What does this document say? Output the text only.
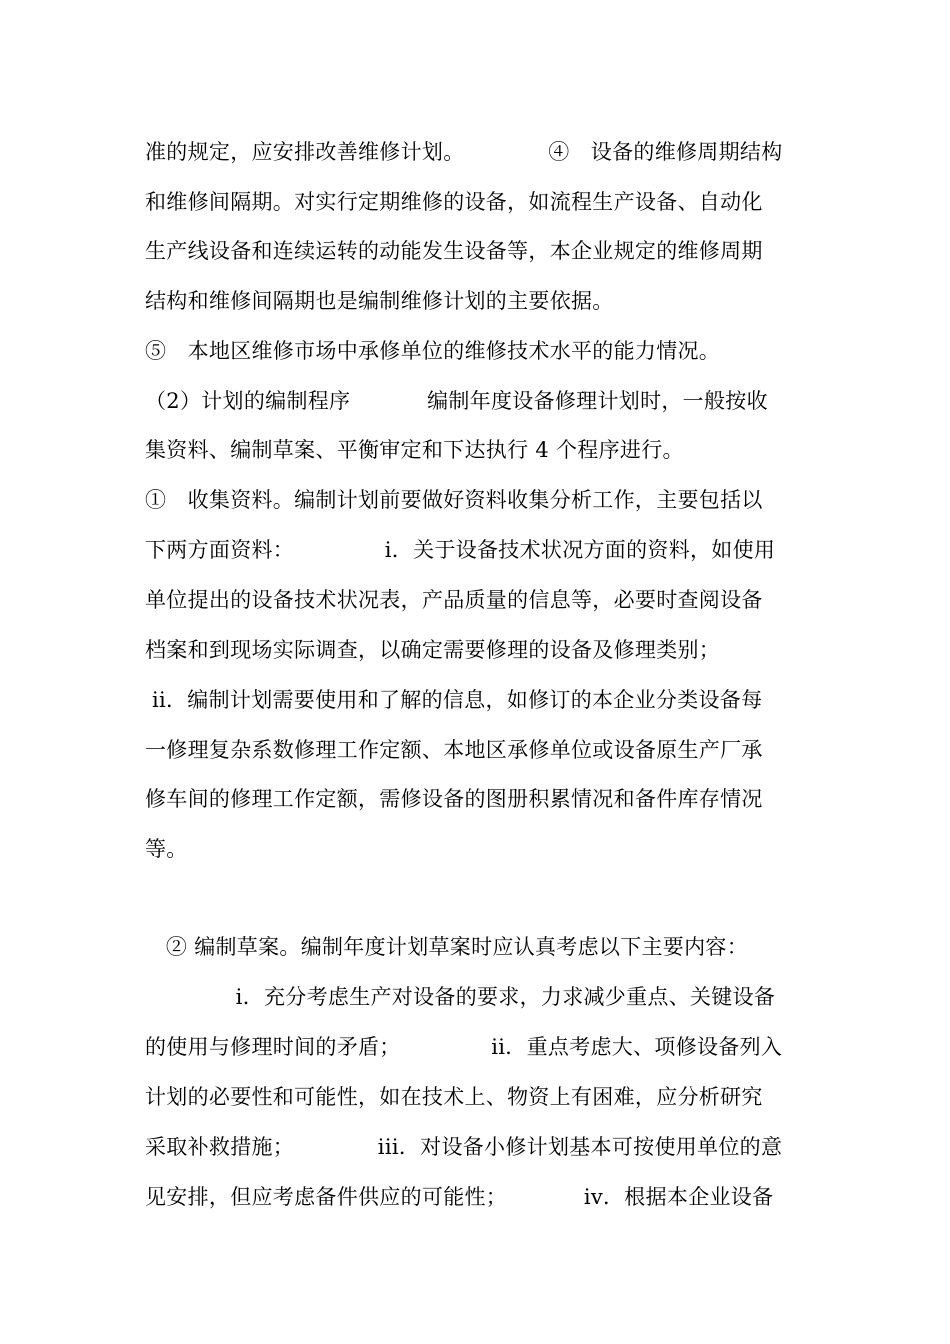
准的规定，应安排改善维修计划。            ④　设备的维修周期结构
和维修间隔期。对实行定期维修的设备，如流程生产设备、自动化
生产线设备和连续运转的动能发生设备等，本企业规定的维修周期
结构和维修间隔期也是编制维修计划的主要依据。
⑤　本地区维修市场中承修单位的维修技术水平的能力情况。
（2）计划的编制程序           编制年度设备修理计划时，一般按收
集资料、编制草案、平衡审定和下达执行 4 个程序进行。
①　收集资料。编制计划前要做好资料收集分析工作，主要包括以
下两方面资料：             i．关于设备技术状况方面的资料，如使用
单位提出的设备技术状况表，产品质量的信息等，必要时查阅设备
档案和到现场实际调查，以确定需要修理的设备及修理类别；
ii．编制计划需要使用和了解的信息，如修订的本企业分类设备每
一修理复杂系数修理工作定额、本地区承修单位或设备原生产厂承
修车间的修理工作定额，需修设备的图册积累情况和备件库存情况
等。
② 编制草案。编制年度计划草案时应认真考虑以下主要内容：
i．充分考虑生产对设备的要求，力求减少重点、关键设备
的使用与修理时间的矛盾；             ii．重点考虑大、项修设备列入
计划的必要性和可能性，如在技术上、物资上有困难，应分析研究
采取补救措施；            iii．对设备小修计划基本可按使用单位的意
见安排，但应考虑备件供应的可能性；           iv．根据本企业设备
